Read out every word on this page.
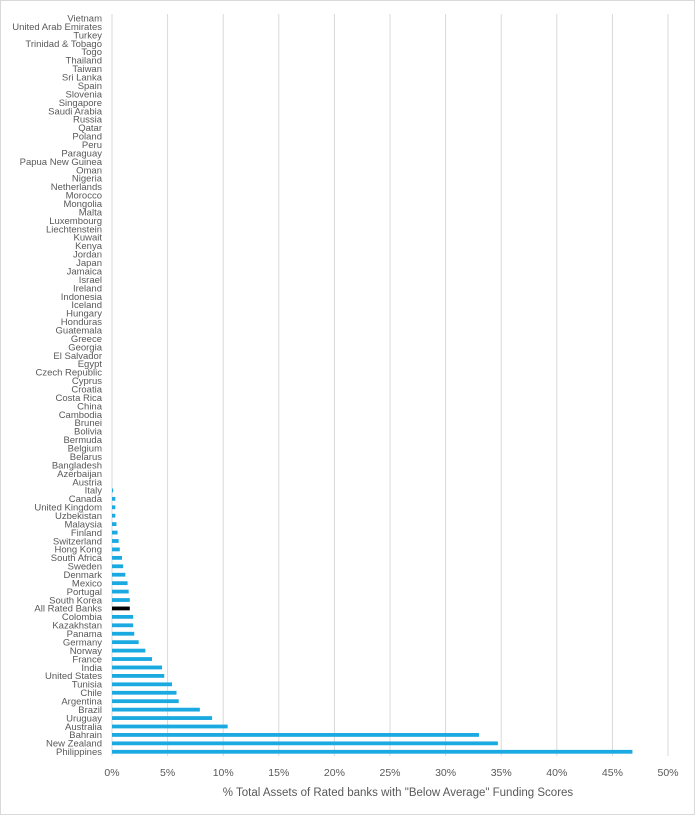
Vietnam
United Arab Emirates
Turkey
Trinidad & Tobago
Togo
Thailand
Taiwan
Sri Lanka
Spain
Slovenia
Singapore
Saudi Arabia
Russia
Qatar
Poland
Peru
Paraguay
Papua New Guinea
Oman
Nigeria
Netherlands
Morocco
Mongolia
Malta
Luxembourg
Liechtenstein
Kuwait
Kenya
Jordan
Japan
Jamaica
Israel
Ireland
Indonesia
Iceland
Hungary
Honduras
Guatemala
Greece
Georgia
El Salvador
Egypt
Czech Republic
Cyprus
Croatia
Costa Rica
China
Cambodia
Brunei
Bolivia
Bermuda
Belgium
Belarus
Bangladesh
Azerbaijan
Austria
Italy
Canada
United Kingdom
Uzbekistan
Malaysia
Finland
Switzerland
Hong Kong
South Africa
Sweden
Denmark
Mexico
Portugal
South Korea
All Rated Banks
Colombia
Kazakhstan
Panama
Germany
Norway
France
India
United States
Tunisia
Chile
Argentina
Brazil
Uruguay
Australia
Bahrain
New Zealand
Philippines
0%	5%	10%	15%	20%	25%	30%	35%	40%	45%	50%
% Total Assets of Rated banks with "Below Average" Funding Scores
